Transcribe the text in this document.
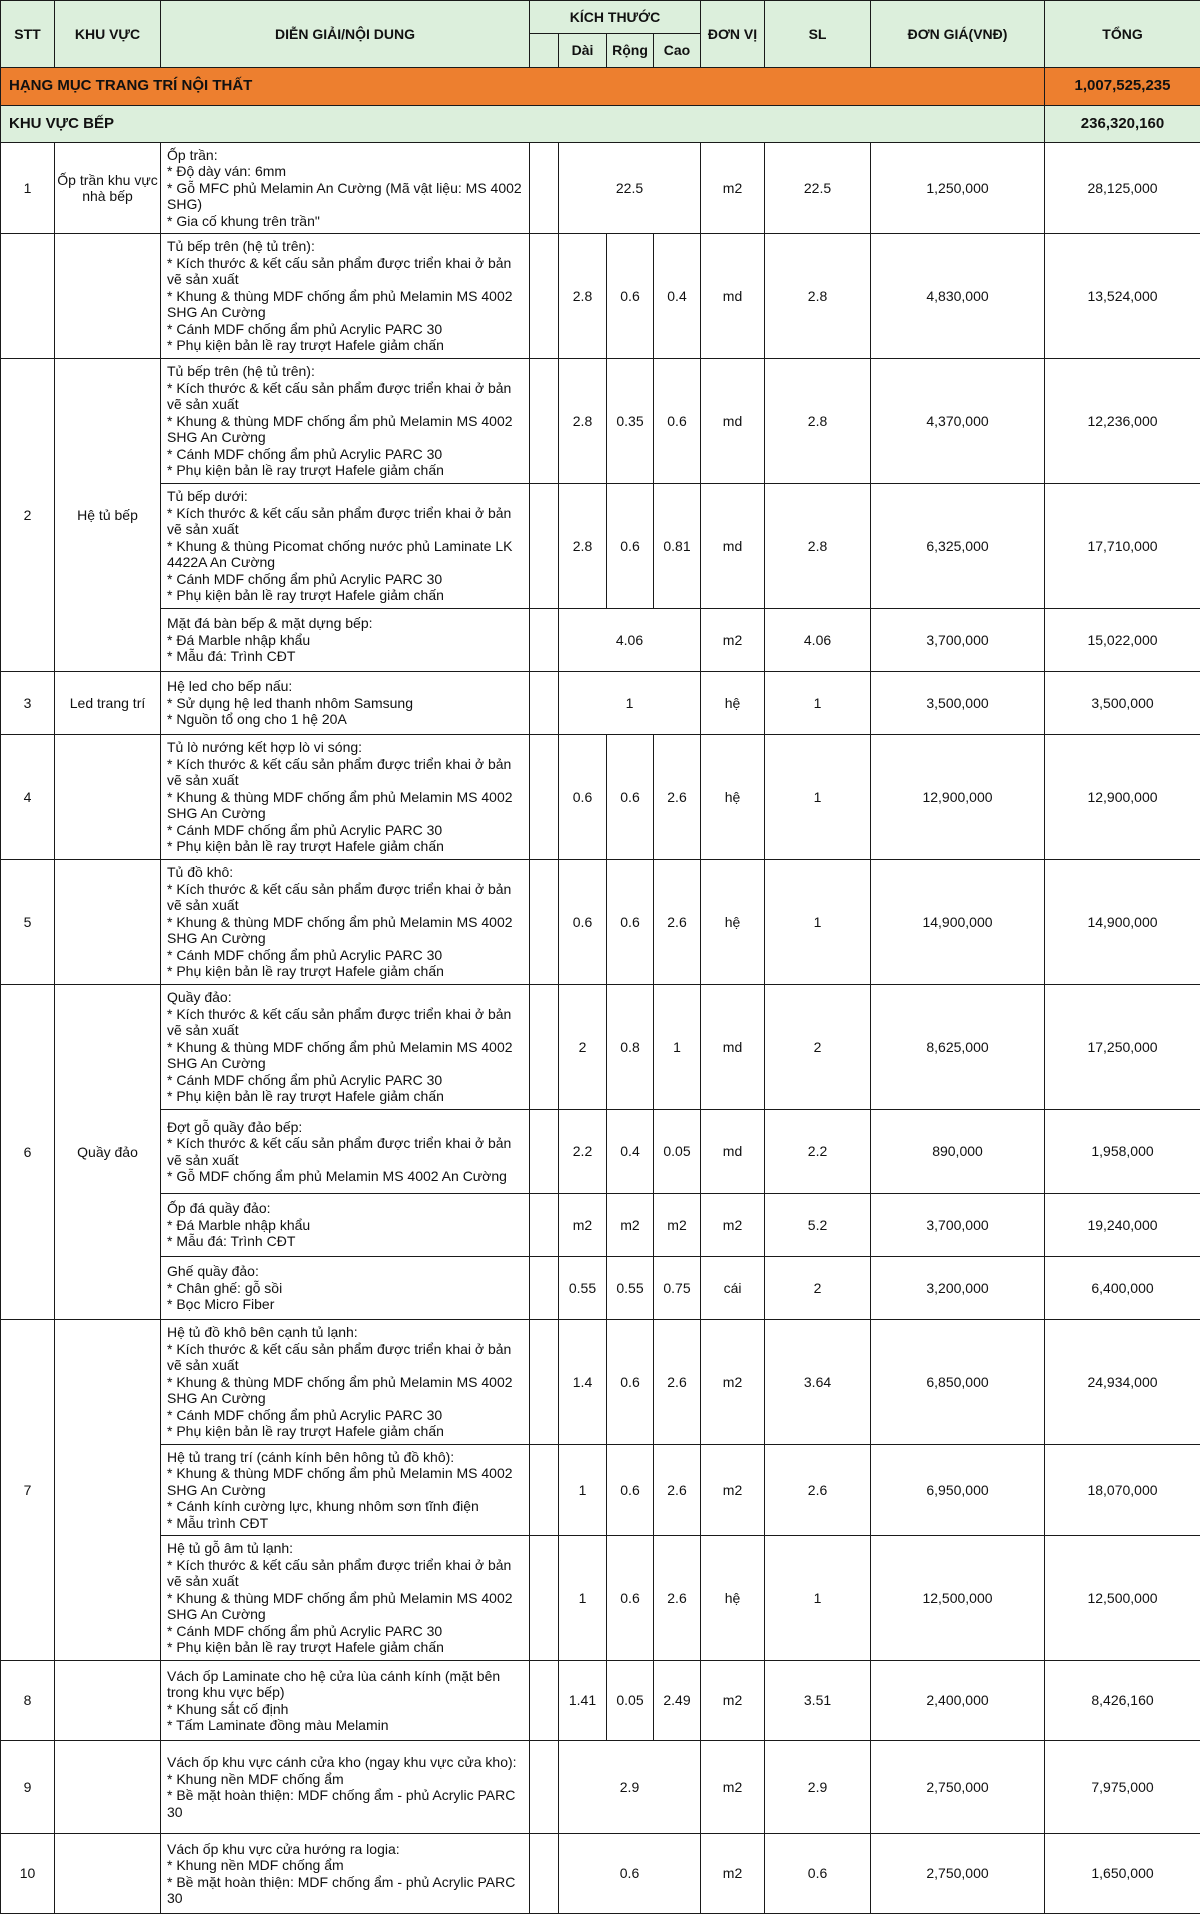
STT	KHU VỰC	DIỄN GIẢI/NỘI DUNG	KÍCH THƯỚC				ĐƠN VỊ	SL	ĐƠN GIÁ(VNĐ)	TỔNG
				Dài	Rộng	Cao				
HẠNG MỤC TRANG TRÍ NỘI THẤT										1,007,525,235
KHU VỰC BẾP										236,320,160
1	Ốp trần khu vực nhà bếp	Ốp trần:
* Độ dày ván: 6mm
* Gỗ MFC phủ Melamin An Cường (Mã vật liệu: MS 4002 SHG)
* Gia cố khung trên trần"		22.5			m2	22.5	1,250,000	28,125,000
		Tủ bếp trên (hệ tủ trên):
* Kích thước & kết cấu sản phẩm được triển khai ở bản vẽ sản xuất
* Khung & thùng MDF chống ẩm phủ Melamin MS 4002 SHG An Cường
* Cánh MDF chống ẩm phủ Acrylic PARC 30
* Phụ kiện bản lề ray trượt Hafele giảm chấn		2.8	0.6	0.4	md	2.8	4,830,000	13,524,000
2	Hệ tủ bếp	Tủ bếp trên (hệ tủ trên):
* Kích thước & kết cấu sản phẩm được triển khai ở bản vẽ sản xuất
* Khung & thùng MDF chống ẩm phủ Melamin MS 4002 SHG An Cường
* Cánh MDF chống ẩm phủ Acrylic PARC 30
* Phụ kiện bản lề ray trượt Hafele giảm chấn		2.8	0.35	0.6	md	2.8	4,370,000	12,236,000
		Tủ bếp dưới:
* Kích thước & kết cấu sản phẩm được triển khai ở bản vẽ sản xuất
* Khung & thùng Picomat chống nước phủ Laminate LK 4422A An Cường
* Cánh MDF chống ẩm phủ Acrylic PARC 30
* Phụ kiện bản lề ray trượt Hafele giảm chấn		2.8	0.6	0.81	md	2.8	6,325,000	17,710,000
		Mặt đá bàn bếp & mặt dựng bếp:
* Đá Marble nhập khẩu
* Mẫu đá: Trình CĐT		4.06			m2	4.06	3,700,000	15,022,000
3	Led trang trí	Hệ led cho bếp nấu:
* Sử dụng hệ led thanh nhôm Samsung
* Nguồn tổ ong cho 1 hệ 20A		1			hệ	1	3,500,000	3,500,000
4		Tủ lò nướng kết hợp lò vi sóng:
* Kích thước & kết cấu sản phẩm được triển khai ở bản vẽ sản xuất
* Khung & thùng MDF chống ẩm phủ Melamin MS 4002 SHG An Cường
* Cánh MDF chống ẩm phủ Acrylic PARC 30
* Phụ kiện bản lề ray trượt Hafele giảm chấn		0.6	0.6	2.6	hệ	1	12,900,000	12,900,000
5		Tủ đồ khô:
* Kích thước & kết cấu sản phẩm được triển khai ở bản vẽ sản xuất
* Khung & thùng MDF chống ẩm phủ Melamin MS 4002 SHG An Cường
* Cánh MDF chống ẩm phủ Acrylic PARC 30
* Phụ kiện bản lề ray trượt Hafele giảm chấn		0.6	0.6	2.6	hệ	1	14,900,000	14,900,000
6	Quầy đảo	Quầy đảo:
* Kích thước & kết cấu sản phẩm được triển khai ở bản vẽ sản xuất
* Khung & thùng MDF chống ẩm phủ Melamin MS 4002 SHG An Cường
* Cánh MDF chống ẩm phủ Acrylic PARC 30
* Phụ kiện bản lề ray trượt Hafele giảm chấn		2	0.8	1	md	2	8,625,000	17,250,000
		Đợt gỗ quầy đảo bếp:
* Kích thước & kết cấu sản phẩm được triển khai ở bản vẽ sản xuất
* Gỗ MDF chống ẩm phủ Melamin MS 4002 An Cường		2.2	0.4	0.05	md	2.2	890,000	1,958,000
		Ốp đá quầy đảo:
* Đá Marble nhập khẩu
* Mẫu đá: Trình CĐT		m2	m2	m2	m2	5.2	3,700,000	19,240,000
		Ghế quầy đảo:
* Chân ghế: gỗ sồi
* Bọc Micro Fiber		0.55	0.55	0.75	cái	2	3,200,000	6,400,000
7		Hệ tủ đồ khô bên cạnh tủ lạnh:
* Kích thước & kết cấu sản phẩm được triển khai ở bản vẽ sản xuất
* Khung & thùng MDF chống ẩm phủ Melamin MS 4002 SHG An Cường
* Cánh MDF chống ẩm phủ Acrylic PARC 30
* Phụ kiện bản lề ray trượt Hafele giảm chấn		1.4	0.6	2.6	m2	3.64	6,850,000	24,934,000
		Hệ tủ trang trí (cánh kính bên hông tủ đồ khô):
* Khung & thùng MDF chống ẩm phủ Melamin MS 4002 SHG An Cường
* Cánh kính cường lực, khung nhôm sơn tĩnh điện
* Mẫu trình CĐT		1	0.6	2.6	m2	2.6	6,950,000	18,070,000
		Hệ tủ gỗ âm tủ lạnh:
* Kích thước & kết cấu sản phẩm được triển khai ở bản vẽ sản xuất
* Khung & thùng MDF chống ẩm phủ Melamin MS 4002 SHG An Cường
* Cánh MDF chống ẩm phủ Acrylic PARC 30
* Phụ kiện bản lề ray trượt Hafele giảm chấn		1	0.6	2.6	hệ	1	12,500,000	12,500,000
8		Vách ốp Laminate cho hệ cửa lùa cánh kính (mặt bên trong khu vực bếp)
* Khung sắt cố định
* Tấm Laminate đồng màu Melamin		1.41	0.05	2.49	m2	3.51	2,400,000	8,426,160
9		Vách ốp khu vực cánh cửa kho (ngay khu vực cửa kho):
* Khung nền MDF chống ẩm
* Bề mặt hoàn thiện: MDF chống ẩm - phủ Acrylic PARC 30		2.9			m2	2.9	2,750,000	7,975,000
10		Vách ốp khu vực cửa hướng ra logia:
* Khung nền MDF chống ẩm
* Bề mặt hoàn thiện: MDF chống ẩm - phủ Acrylic PARC 30		0.6			m2	0.6	2,750,000	1,650,000
